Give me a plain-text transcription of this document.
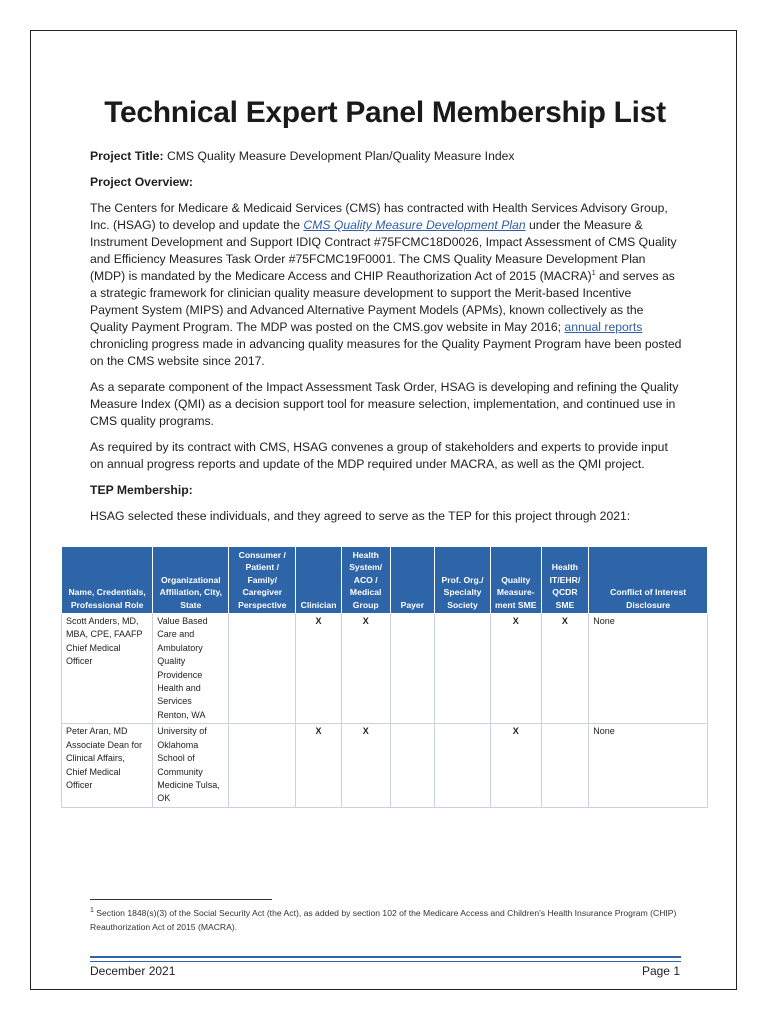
Technical Expert Panel Membership List

Project Title: CMS Quality Measure Development Plan/Quality Measure Index

Project Overview:

The Centers for Medicare & Medicaid Services (CMS) has contracted with Health Services Advisory Group, Inc. (HSAG) to develop and update the CMS Quality Measure Development Plan under the Measure & Instrument Development and Support IDIQ Contract #75FCMC18D0026, Impact Assessment of CMS Quality and Efficiency Measures Task Order #75FCMC19F0001. The CMS Quality Measure Development Plan (MDP) is mandated by the Medicare Access and CHIP Reauthorization Act of 2015 (MACRA)$^1$ and serves as a strategic framework for clinician quality measure development to support the Merit-based Incentive Payment System (MIPS) and Advanced Alternative Payment Models (APMs), known collectively as the Quality Payment Program. The MDP was posted on the CMS.gov website in May 2016; annual reports chronicling progress made in advancing quality measures for the Quality Payment Program have been posted on the CMS website since 2017.

As a separate component of the Impact Assessment Task Order, HSAG is developing and refining the Quality Measure Index (QMI) as a decision support tool for measure selection, implementation, and continued use in CMS quality programs.

As required by its contract with CMS, HSAG convenes a group of stakeholders and experts to provide input on annual progress reports and update of the MDP required under MACRA, as well as the QMI project.

TEP Membership:

HSAG selected these individuals, and they agreed to serve as the TEP for this project through 2021:

Name, Credentials, Professional Role	Organizational Affiliation, City, State	Consumer / Patient / Family/ Caregiver Perspective	Clinician	Health System/ ACO / Medical Group	Payer	Prof. Org./ Specialty Society	Quality Measure-ment SME	Health IT/EHR/ QCDR SME	Conflict of Interest Disclosure
Scott Anders, MD, MBA, CPE, FAAFP Chief Medical Officer	Value Based Care and Ambulatory Quality Providence Health and Services Renton, WA		X	X			X	X	None
Peter Aran, MD Associate Dean for Clinical Affairs, Chief Medical Officer	University of Oklahoma School of Community Medicine Tulsa, OK		X	X			X		None
$^1$ Section 1848(s)(3) of the Social Security Act (the Act), as added by section 102 of the Medicare Access and Children's Health Insurance Program (CHIP) Reauthorization Act of 2015 (MACRA).
December 2021	Page 1
